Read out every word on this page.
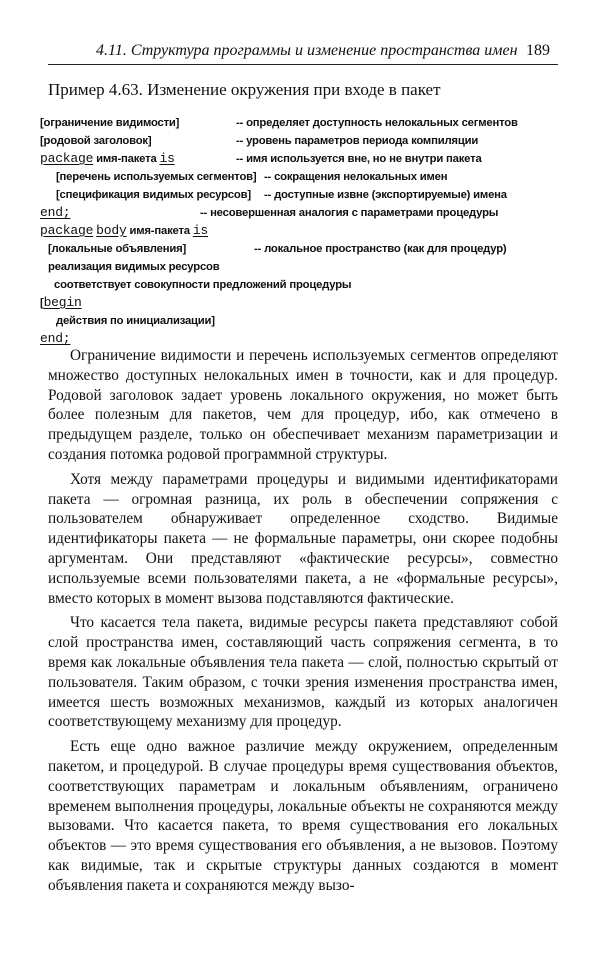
4.11. Структура программы и изменение пространства имен 189
Пример 4.63. Изменение окружения при входе в пакет
[ограничение видимости]	-- определяет доступность нелокальных сегментов
[родовой заголовок]	-- уровень параметров периода компиляции
package имя-пакета is	-- имя используется вне, но не внутри пакета
[перечень используемых сегментов] -- сокращения нелокальных имен
[спецификация видимых ресурсов] -- доступные извне (экспортируемые) имена
end;	-- несовершенная аналогия с параметрами процедуры
package body имя-пакета is
[локальные объявления]	-- локальное пространство (как для процедур)
реализация видимых ресурсов
соответствует совокупности предложений процедуры
[begin
действия по инициализации]
end;

Ограничение видимости и перечень используемых сегментов определяют множество доступных нелокальных имен в точности, как и для процедур. Родовой заголовок задает уровень локального окружения, но может быть более полезным для пакетов, чем для процедур, ибо, как отмечено в предыдущем разделе, только он обеспечивает механизм параметризации и создания потомка родовой программной структуры.

Хотя между параметрами процедуры и видимыми идентификаторами пакета — огромная разница, их роль в обеспечении сопряжения с пользователем обнаруживает определенное сходство. Видимые идентификаторы пакета — не формальные параметры, они скорее подобны аргументам. Они представляют «фактические ресурсы», совместно используемые всеми пользователями пакета, а не «формальные ресурсы», вместо которых в момент вызова подставляются фактические.

Что касается тела пакета, видимые ресурсы пакета представляют собой слой пространства имен, составляющий часть сопряжения сегмента, в то время как локальные объявления тела пакета — слой, полностью скрытый от пользователя. Таким образом, с точки зрения изменения пространства имен, имеется шесть возможных механизмов, каждый из которых аналогичен соответствующему механизму для процедур.

Есть еще одно важное различие между окружением, определенным пакетом, и процедурой. В случае процедуры время существования объектов, соответствующих параметрам и локальным объявлениям, ограничено временем выполнения процедуры, локальные объекты не сохраняются между вызовами. Что касается пакета, то время существования его локальных объектов — это время существования его объявления, а не вызовов. Поэтому как видимые, так и скрытые структуры данных создаются в момент объявления пакета и сохраняются между вызо-
